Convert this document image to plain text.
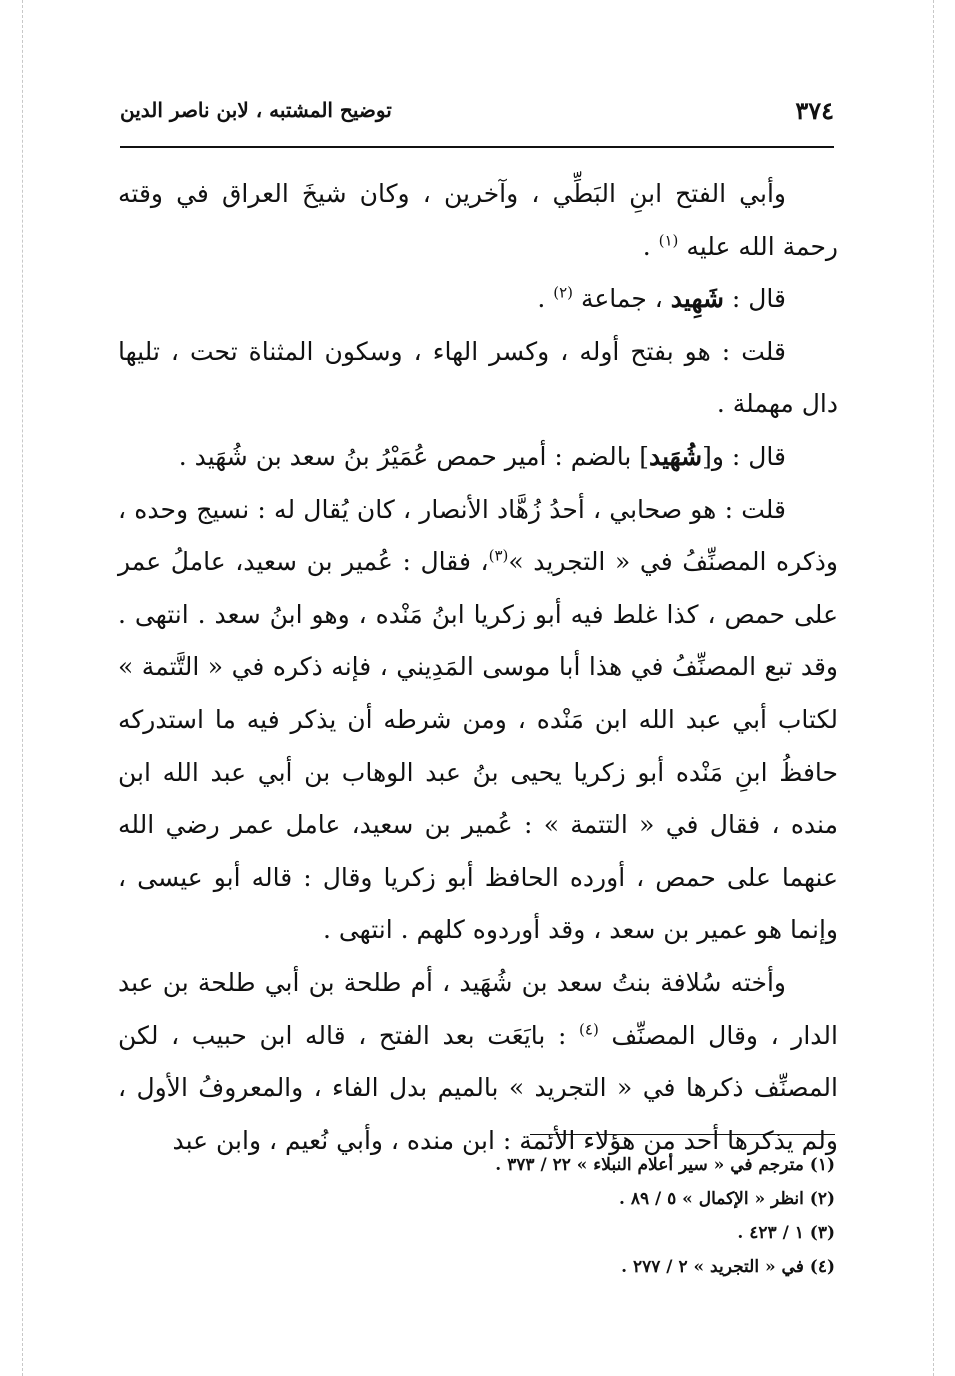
٣٧٤
توضيح المشتبه ، لابن ناصر الدين

وأبي الفتح ابنِ البَطِّي ، وآخرين ، وكان شيخَ العراق في وقته رحمة الله عليه $^{(١)}$ .

قال : شَهِيد ، جماعة $^{(٢)}$ .

قلت : هو بفتح أوله ، وكسر الهاء ، وسكون المثناة تحت ، تليها دال مهملة .

قال : و[شُهَيد] بالضم : أمير حمص عُمَيْرُ بنُ سعد بن شُهَيد .

قلت : هو صحابي ، أحدُ زُهَّاد الأنصار ، كان يُقال له : نسيج وحده ، وذكره المصنِّفُ في « التجريد »$^{(٣)}$، فقال : عُمير بن سعيد، عاملُ عمر على حمص ، كذا غلط فيه أبو زكريا ابنُ مَنْده ، وهو ابنُ سعد . انتهى . وقد تبع المصنِّفُ في هذا أبا موسى المَدِيني ، فإنه ذكره في « التَّتمة » لكتاب أبي عبد الله ابن مَنْده ، ومن شرطه أن يذكر فيه ما استدركه حافظُ ابنِ مَنْده أبو زكريا يحيى بنُ عبد الوهاب بن أبي عبد الله ابن منده ، فقال في « التتمة » : عُمير بن سعيد، عامل عمر رضي الله عنهما على حمص ، أورده الحافظ أبو زكريا وقال : قاله أبو عيسى ، وإنما هو عمير بن سعد ، وقد أوردوه كلهم . انتهى .

وأخته سُلافة بنتُ سعد بن شُهَيد ، أم طلحة بن أبي طلحة بن عبد الدار ، وقال المصنِّف $^{(٤)}$ : بايَعَت بعد الفتح ، قاله ابن حبيب ، لكن المصنِّف ذكرها في « التجريد » بالميم بدل الفاء ، والمعروفُ الأول ، ولم يذكرها أحد من هؤلاء الأئمة : ابن منده ، وأبي نُعيم ، وابن عبد

(١) مترجم في « سير أعلام النبلاء » ٢٢ / ٣٧٣ .

(٢) انظر « الإكمال » ٥ / ٨٩ .

(٣) ١ / ٤٢٣ .

(٤) في « التجريد » ٢ / ٢٧٧ .
